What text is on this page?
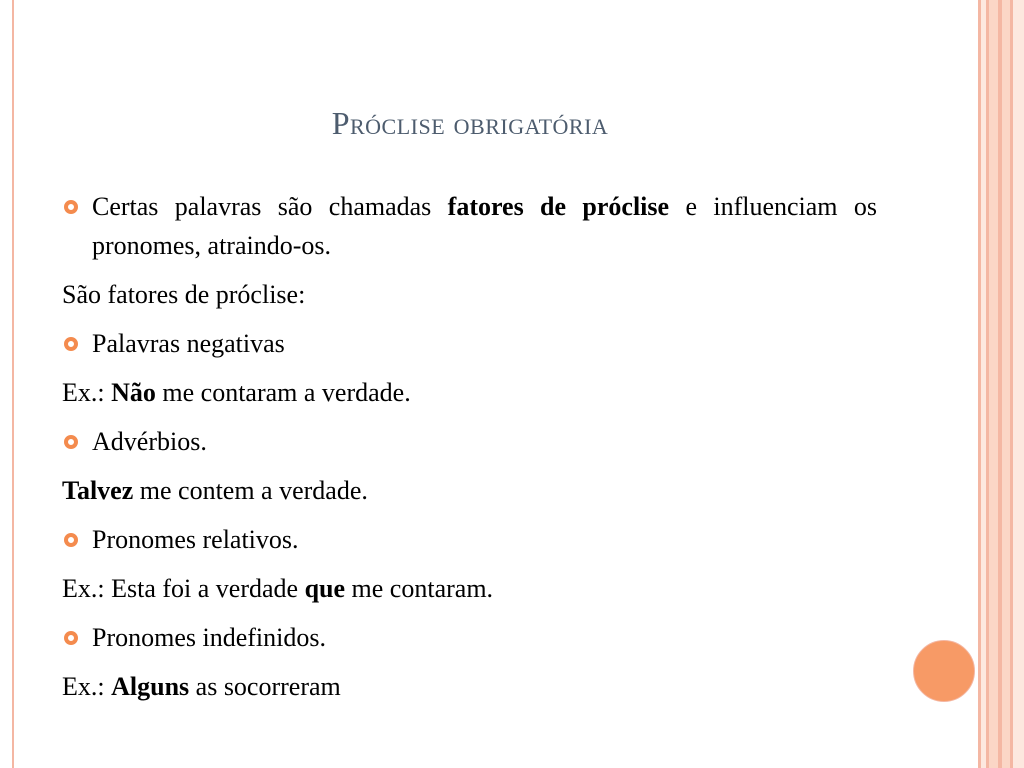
Próclise obrigatória
Certas palavras são chamadas fatores de próclise e influenciam os pronomes, atraindo-os.
São fatores de próclise:
Palavras negativas
Ex.: Não me contaram a verdade.
Advérbios.
Talvez me contem a verdade.
Pronomes relativos.
Ex.: Esta foi a verdade que me contaram.
Pronomes indefinidos.
Ex.: Alguns as socorreram
